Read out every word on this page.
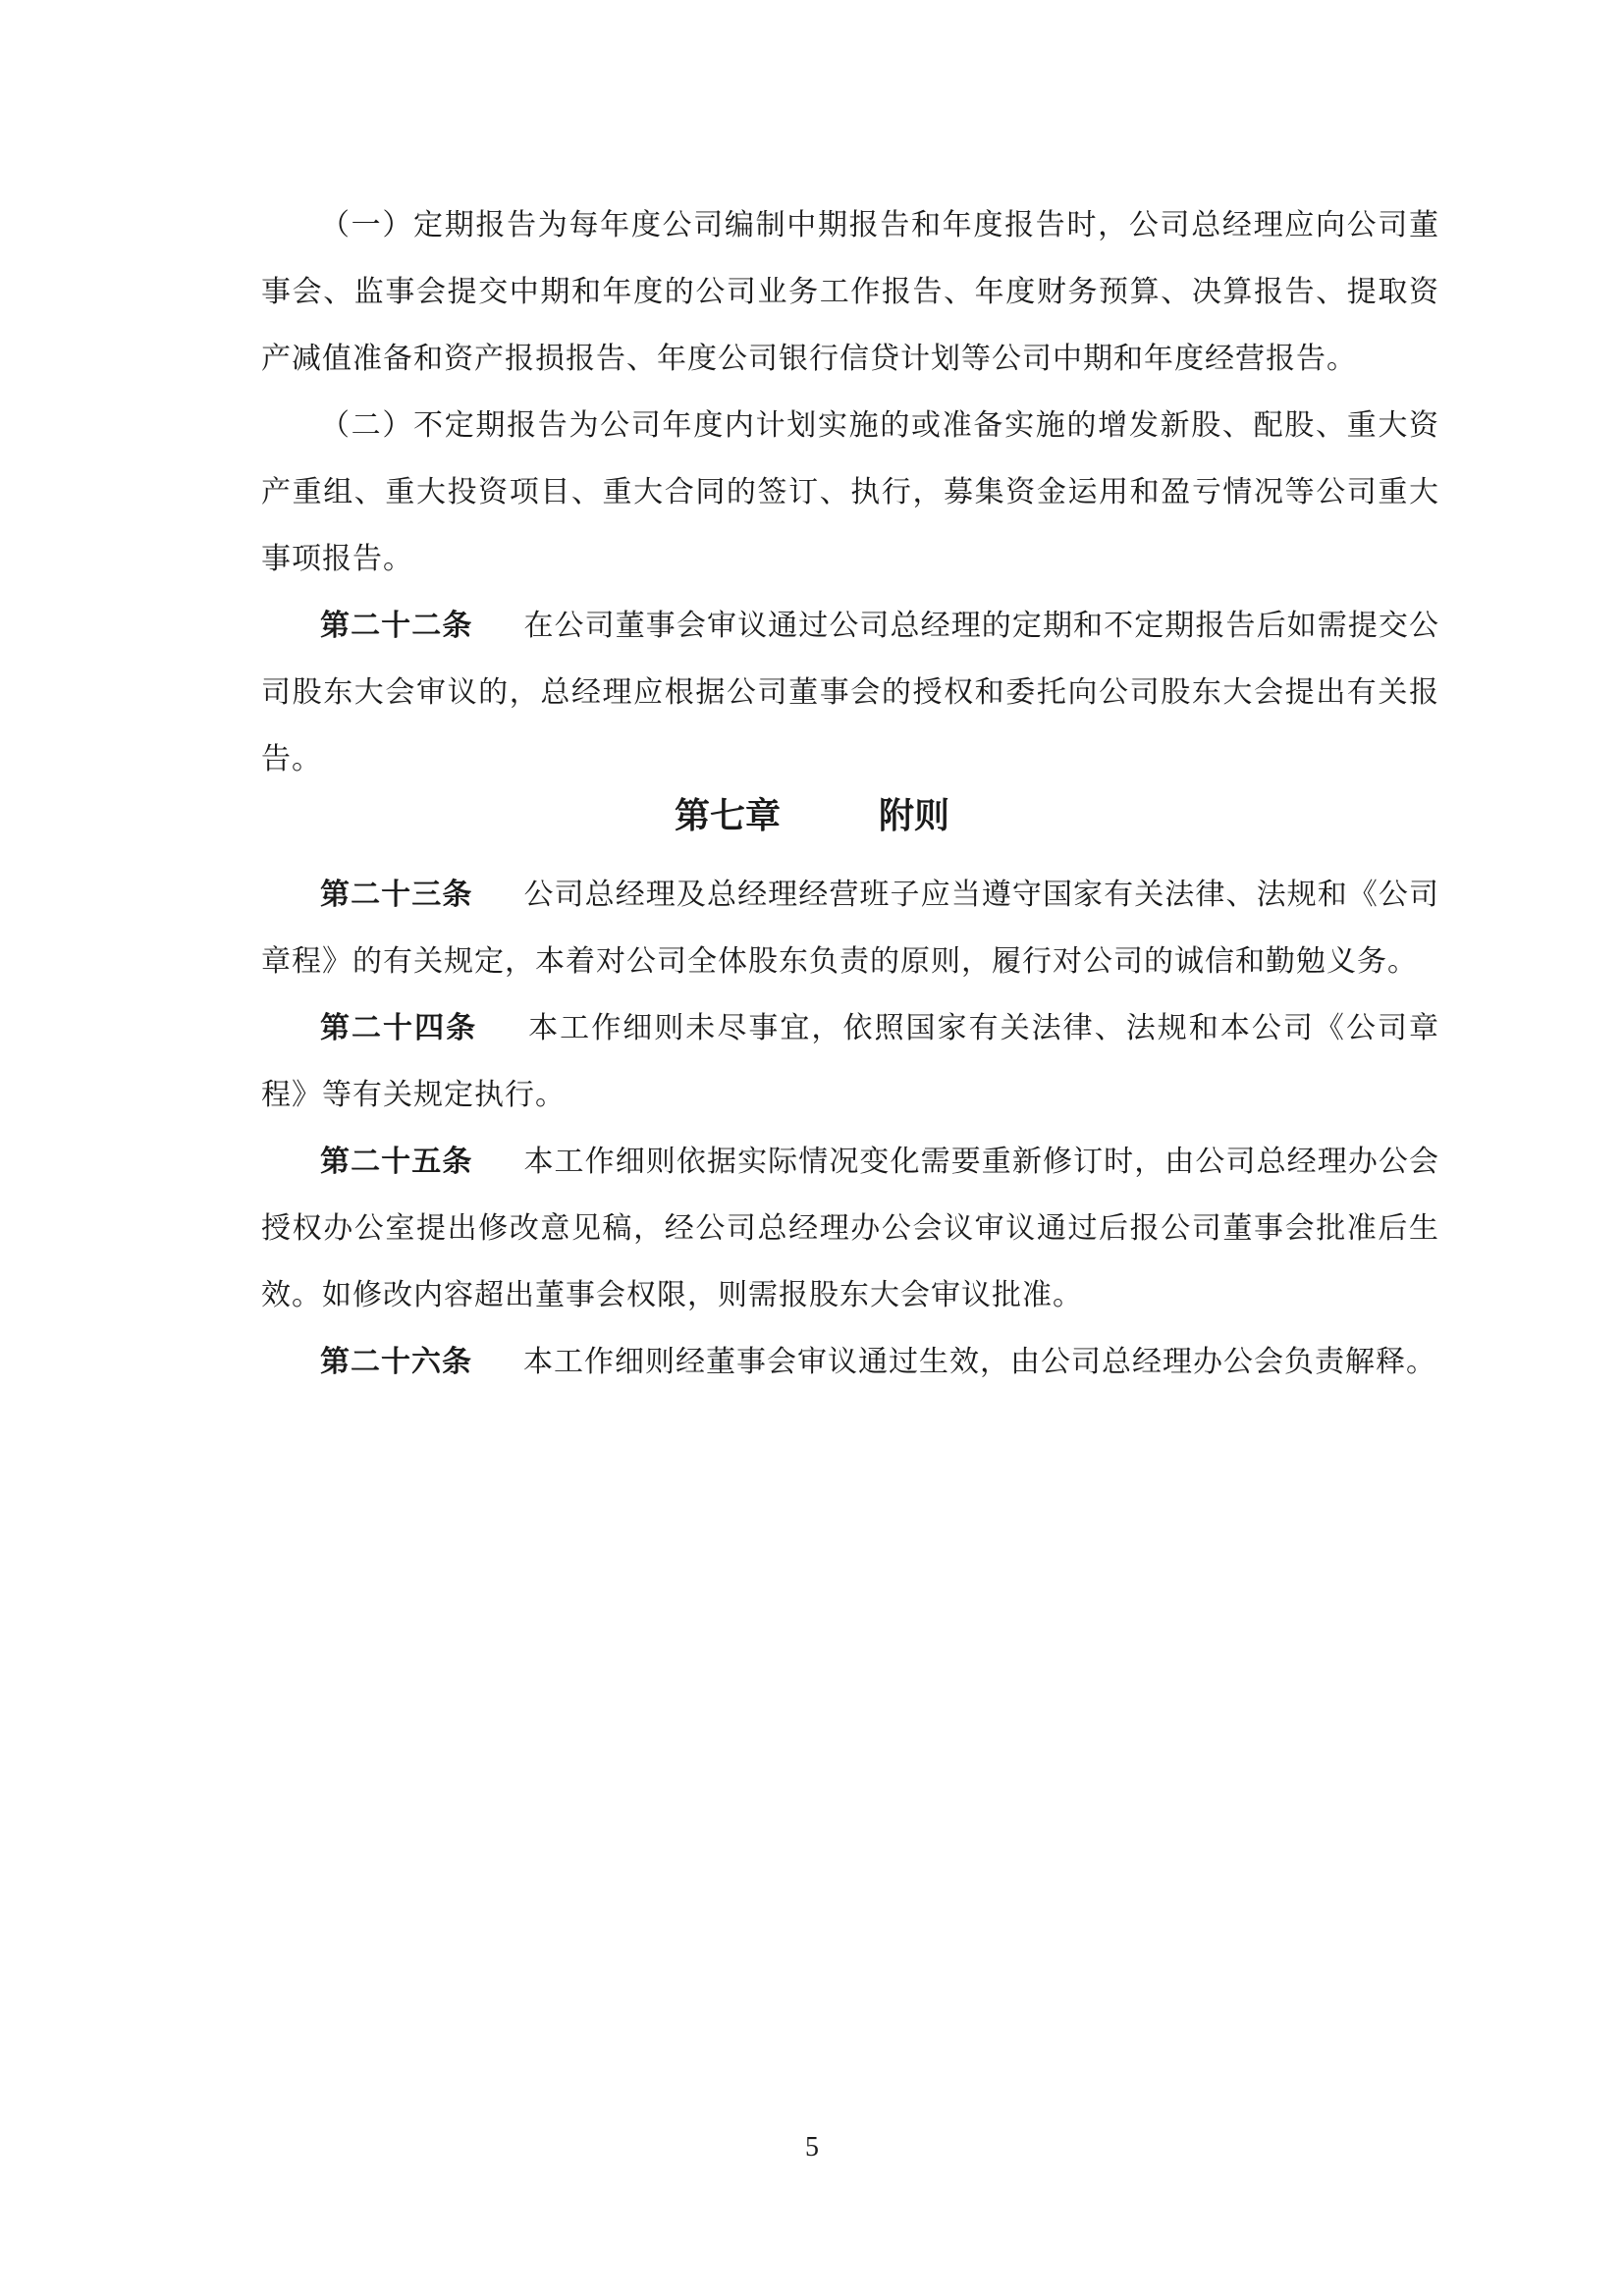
（一）定期报告为每年度公司编制中期报告和年度报告时，公司总经理应向公司董事会、监事会提交中期和年度的公司业务工作报告、年度财务预算、决算报告、提取资产减值准备和资产报损报告、年度公司银行信贷计划等公司中期和年度经营报告。

（二）不定期报告为公司年度内计划实施的或准备实施的增发新股、配股、重大资产重组、重大投资项目、重大合同的签订、执行，募集资金运用和盈亏情况等公司重大事项报告。

第二十二条 在公司董事会审议通过公司总经理的定期和不定期报告后如需提交公司股东大会审议的，总经理应根据公司董事会的授权和委托向公司股东大会提出有关报告。

第七章	附则

第二十三条 公司总经理及总经理经营班子应当遵守国家有关法律、法规和《公司章程》的有关规定，本着对公司全体股东负责的原则，履行对公司的诚信和勤勉义务。

第二十四条 本工作细则未尽事宜，依照国家有关法律、法规和本公司《公司章程》等有关规定执行。

第二十五条 本工作细则依据实际情况变化需要重新修订时，由公司总经理办公会授权办公室提出修改意见稿，经公司总经理办公会议审议通过后报公司董事会批准后生效。如修改内容超出董事会权限，则需报股东大会审议批准。

第二十六条 本工作细则经董事会审议通过生效，由公司总经理办公会负责解释。

5
